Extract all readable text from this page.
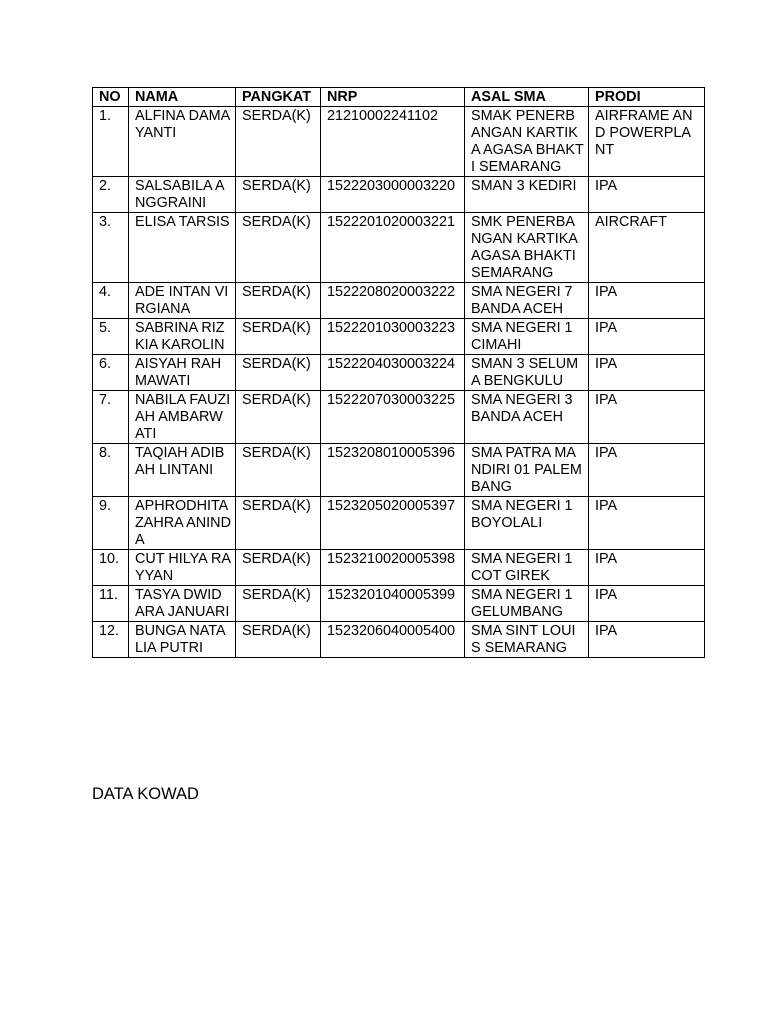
NO	NAMA	PANGKAT	NRP	ASAL SMA	PRODI
1.	ALFINA DAMAYANTI	SERDA(K)	21210002241102	SMAK PENERBANGAN KARTIKA AGASA BHAKTI SEMARANG	AIRFRAME AND POWERPLANT
2.	SALSABILA ANGGRAINI	SERDA(K)	1522203000003220	SMAN 3 KEDIRI	IPA
3.	ELISA TARSIS	SERDA(K)	1522201020003221	SMK PENERBANGAN KARTIKA AGASA BHAKTI SEMARANG	AIRCRAFT
4.	ADE INTAN VIRGIANA	SERDA(K)	1522208020003222	SMA NEGERI 7 BANDA ACEH	IPA
5.	SABRINA RIZKIA KAROLIN	SERDA(K)	1522201030003223	SMA NEGERI 1 CIMAHI	IPA
6.	AISYAH RAHMAWATI	SERDA(K)	1522204030003224	SMAN 3 SELUMA BENGKULU	IPA
7.	NABILA FAUZIAH AMBARWATI	SERDA(K)	1522207030003225	SMA NEGERI 3 BANDA ACEH	IPA
8.	TAQIAH ADIBAH LINTANI	SERDA(K)	1523208010005396	SMA PATRA MANDIRI 01 PALEMBANG	IPA
9.	APHRODHITA ZAHRA ANINDA	SERDA(K)	1523205020005397	SMA NEGERI 1 BOYOLALI	IPA
10.	CUT HILYA RAYYAN	SERDA(K)	1523210020005398	SMA NEGERI 1 COT GIREK	IPA
11.	TASYA DWIDARA JANUARI	SERDA(K)	1523201040005399	SMA NEGERI 1 GELUMBANG	IPA
12.	BUNGA NATALIA PUTRI	SERDA(K)	1523206040005400	SMA SINT LOUIS SEMARANG	IPA
DATA KOWAD
